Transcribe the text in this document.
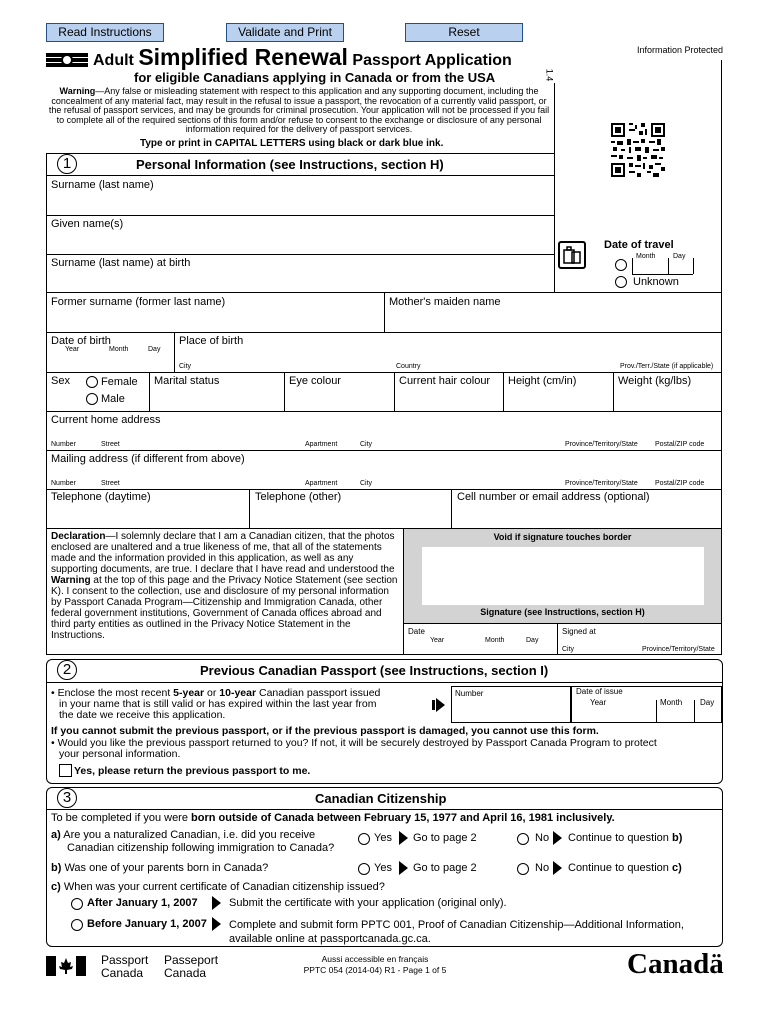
Read Instructions	Validate and Print	Reset
Adult Simplified Renewal Passport Application
Information Protected
for eligible Canadians applying in Canada or from the USA	1.4
Warning—Any false or misleading statement with respect to this application and any supporting document, including the concealment of any material fact, may result in the refusal to issue a passport, the revocation of a currently valid passport, or the refusal of passport services, and may be grounds for criminal prosecution. Your application will not be processed if you fail to complete all of the required sections of this form and/or refuse to consent to the exchange or disclosure of any personal information required for the delivery of passport services.
Type or print in CAPITAL LETTERS using black or dark blue ink.
Date of travel
Month	Day
Unknown
1	Personal Information (see Instructions, section H)
Surname (last name)
Given name(s)
Surname (last name) at birth
Former surname (former last name)	Mother's maiden name
Date of birth
Year	Month	Day
Place of birth
City	Country	Prov./Terr./State (if applicable)
Sex	Female
Male
Marital status	Eye colour	Current hair colour Height (cm/in)	Weight (kg/lbs)
Current home address
Number	Street	Apartment	City	Province/Territory/State Postal/ZIP code
Mailing address (if different from above)
Number	Street	Apartment	City	Province/Territory/State Postal/ZIP code
Telephone (daytime)	Telephone (other)	Cell number or email address (optional)
Declaration—I solemnly declare that I am a Canadian citizen, that the photos enclosed are unaltered and a true likeness of me, that all of the statements made and the information provided in this application, as well as any supporting documents, are true. I declare that I have read and understood the Warning at the top of this page and the Privacy Notice Statement (see section K). I consent to the collection, use and disclosure of my personal information by Passport Canada Program—Citizenship and Immigration Canada, other federal government institutions, Government of Canada offices abroad and third party entities as outlined in the Privacy Notice Statement in the Instructions.
Void if signature touches border
Signature (see Instructions, section H)
Date
Year	Month	Day
Signed at
City	Province/Territory/State
2	Previous Canadian Passport (see Instructions, section I)
• Enclose the most recent 5-year or 10-year Canadian passport issued
in your name that is still valid or has expired within the last year from
the date we receive this application.
Number	Date of issue
Year	Month Day
If you cannot submit the previous passport, or if the previous passport is damaged, you cannot use this form.
• Would you like the previous passport returned to you? If not, it will be securely destroyed by Passport Canada Program to protect
your personal information.
Yes, please return the previous passport to me.
3	Canadian Citizenship
To be completed if you were born outside of Canada between February 15, 1977 and April 16, 1981 inclusively.
a) Are you a naturalized Canadian, i.e. did you receive
Canadian citizenship following immigration to Canada?
Yes Go to page 2	No Continue to question b)
b) Was one of your parents born in Canada?	Yes Go to page 2	No Continue to question c)
c) When was your current certificate of Canadian citizenship issued?
After January 1, 2007	Submit the certificate with your application (original only).
Before January 1, 2007 Complete and submit form PPTC 001, Proof of Canadian Citizenship—Additional Information,
available online at passportcanada.gc.ca.
Passport
Canada
Passeport
Canada
Aussi accessible en français
PPTC 054 (2014-04) R1 - Page 1 of 5	Canadä
